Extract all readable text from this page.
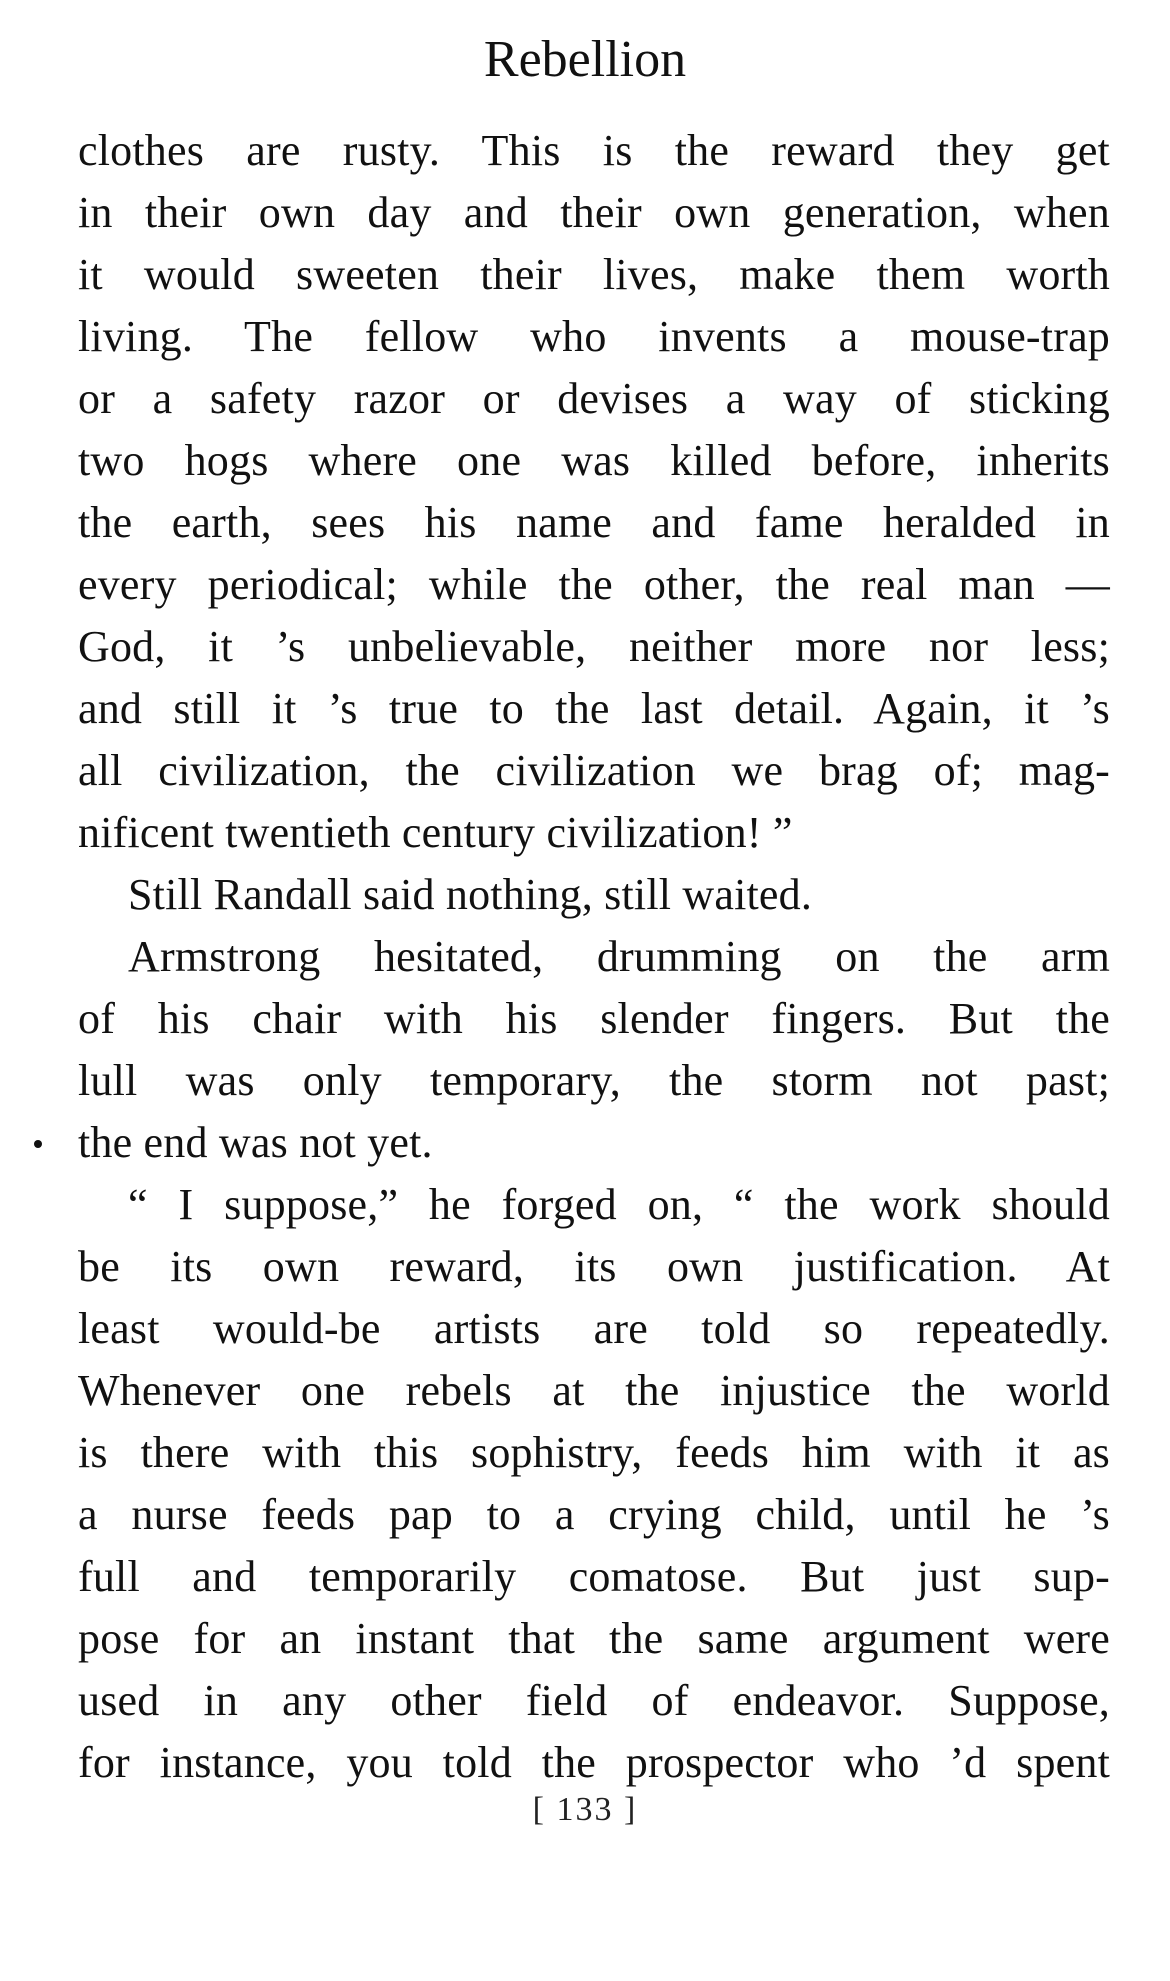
Rebellion
clothes are rusty. This is the reward they get
in their own day and their own generation, when
it would sweeten their lives, make them worth
living. The fellow who invents a mouse-trap
or a safety razor or devises a way of sticking
two hogs where one was killed before, inherits
the earth, sees his name and fame heralded in
every periodical; while the other, the real man —
God, it ’s unbelievable, neither more nor less;
and still it ’s true to the last detail. Again, it ’s
all civilization, the civilization we brag of; mag-
nificent twentieth century civilization! ”
Still Randall said nothing, still waited.
Armstrong hesitated, drumming on the arm
of his chair with his slender fingers. But the
lull was only temporary, the storm not past;
the end was not yet.
“ I suppose,” he forged on, “ the work should
be its own reward, its own justification. At
least would-be artists are told so repeatedly.
Whenever one rebels at the injustice the world
is there with this sophistry, feeds him with it as
a nurse feeds pap to a crying child, until he ’s
full and temporarily comatose. But just sup-
pose for an instant that the same argument were
used in any other field of endeavor. Suppose,
for instance, you told the prospector who ’d spent
[ 133 ]
